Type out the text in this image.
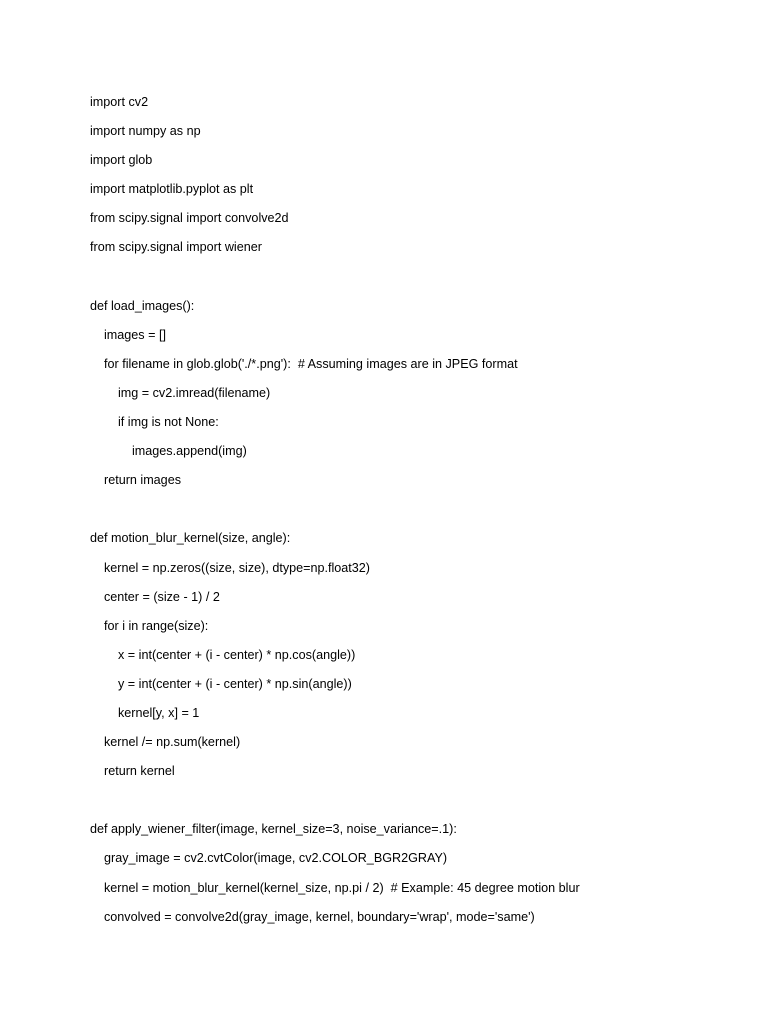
import cv2
import numpy as np
import glob
import matplotlib.pyplot as plt
from scipy.signal import convolve2d
from scipy.signal import wiener
def load_images():
images = []
for filename in glob.glob('./*.png'):  # Assuming images are in JPEG format
img = cv2.imread(filename)
if img is not None:
images.append(img)
return images
def motion_blur_kernel(size, angle):
kernel = np.zeros((size, size), dtype=np.float32)
center = (size - 1) / 2
for i in range(size):
x = int(center + (i - center) * np.cos(angle))
y = int(center + (i - center) * np.sin(angle))
kernel[y, x] = 1
kernel /= np.sum(kernel)
return kernel
def apply_wiener_filter(image, kernel_size=3, noise_variance=.1):
gray_image = cv2.cvtColor(image, cv2.COLOR_BGR2GRAY)
kernel = motion_blur_kernel(kernel_size, np.pi / 2)  # Example: 45 degree motion blur
convolved = convolve2d(gray_image, kernel, boundary='wrap', mode='same')
